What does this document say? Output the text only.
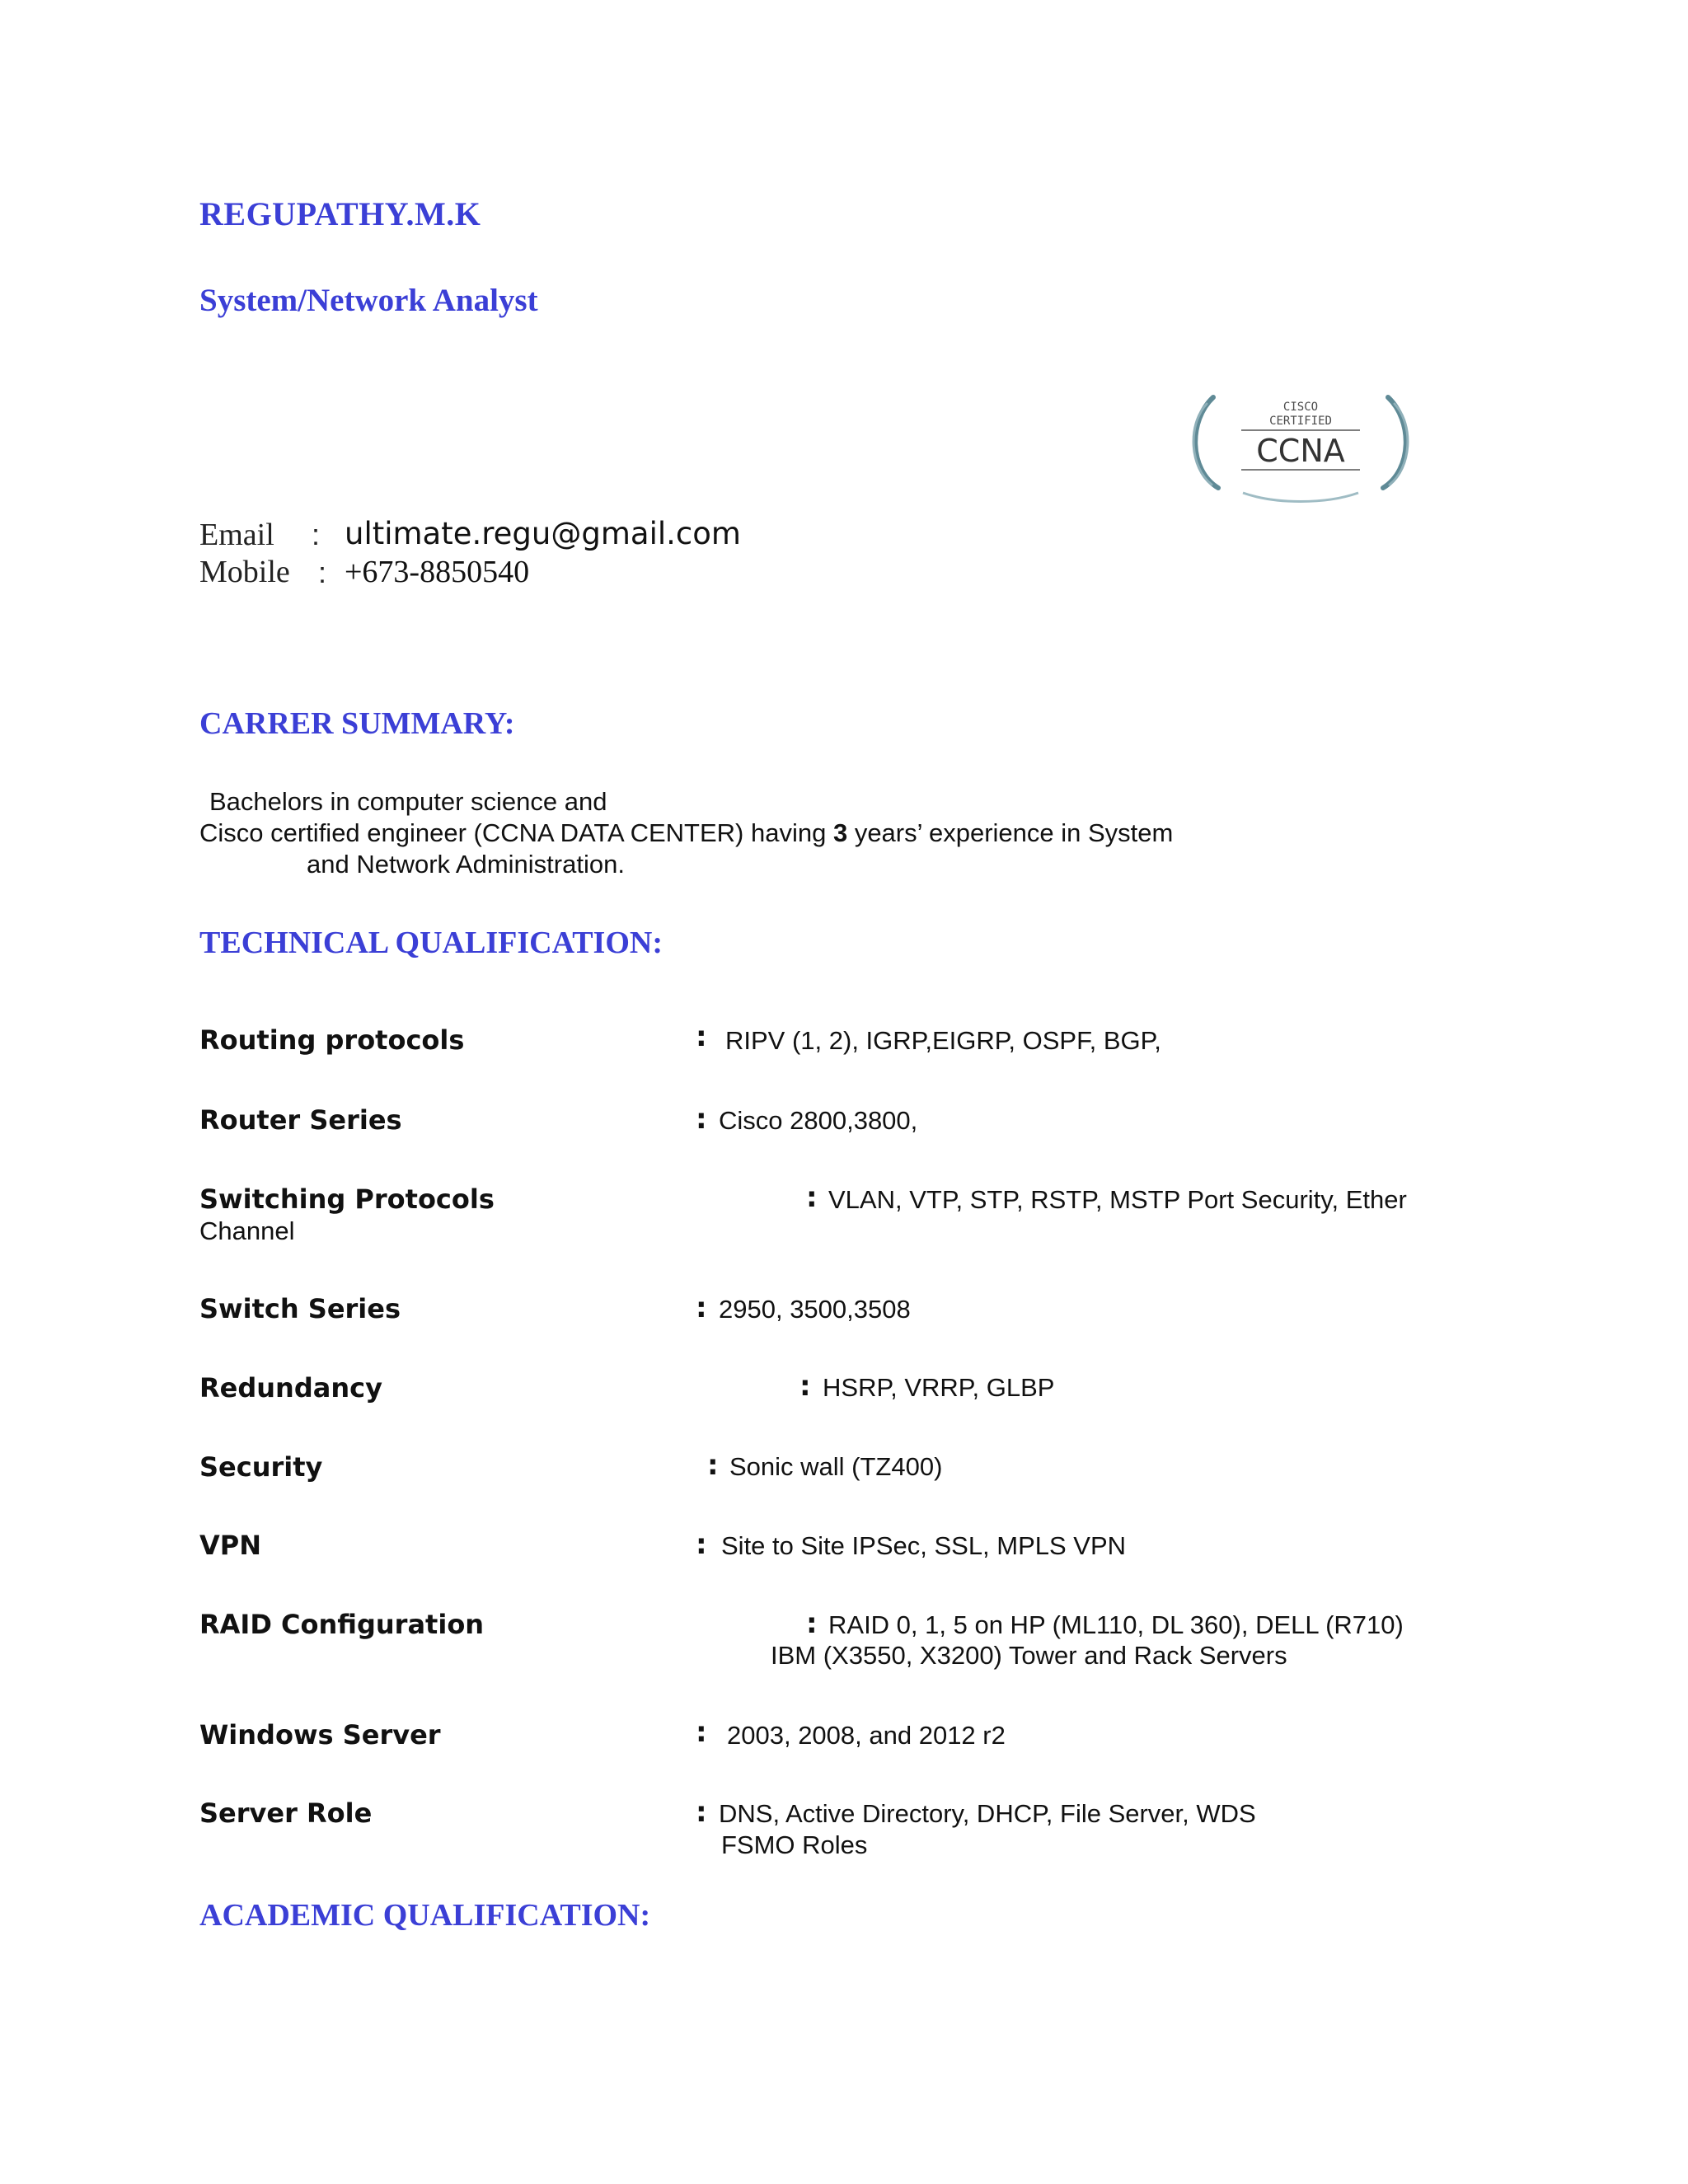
REGUPATHY.M.K
System/Network Analyst
CISCO
CERTIFIED
CCNA
Email : ultimate.regu@gmail.com
Mobile : +673-8850540
CARRER SUMMARY:
Bachelors in computer science and
Cisco certified engineer (CCNA DATA CENTER) having 3 years’ experience in System
and Network Administration.
TECHNICAL QUALIFICATION:
Routing protocols	: RIPV (1, 2), IGRP,EIGRP, OSPF, BGP,
Router Series	: Cisco 2800,3800,
Switching Protocols	: VLAN, VTP, STP, RSTP, MSTP Port Security, Ether
Channel
Switch Series	: 2950, 3500,3508
Redundancy	: HSRP, VRRP, GLBP
Security	: Sonic wall (TZ400)
VPN	: Site to Site IPSec, SSL, MPLS VPN
RAID Configuration	: RAID 0, 1, 5 on HP (ML110, DL 360), DELL (R710)
IBM (X3550, X3200) Tower and Rack Servers
Windows Server	: 2003, 2008, and 2012 r2
Server Role	: DNS, Active Directory, DHCP, File Server, WDS
FSMO Roles
ACADEMIC QUALIFICATION:
